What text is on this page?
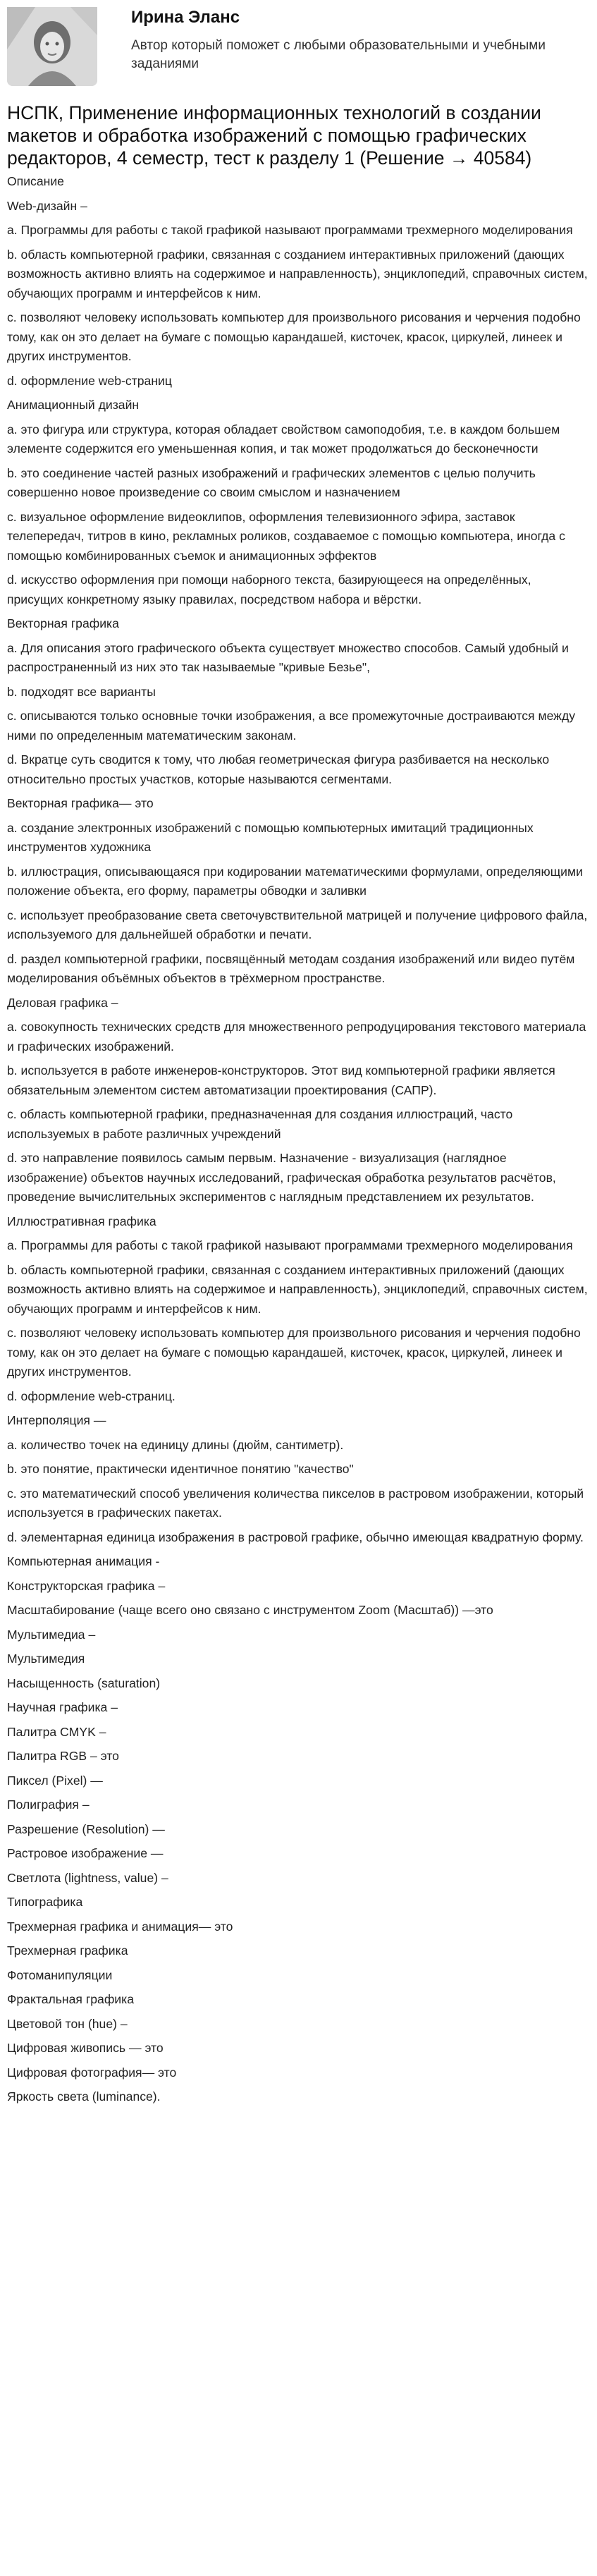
Ирина Эланс
Автор который поможет с любыми образовательными и учебными заданиями
НСПК, Применение информационных технологий в создании макетов и обработка изображений с помощью графических редакторов, 4 семестр, тест к разделу 1 (Решение → 40584)

Описание

Web-дизайн –

a. Программы для работы с такой графикой называют программами трехмерного моделирования

b. область компьютерной графики, связанная с созданием интерактивных приложений (дающих возможность активно влиять на содержимое и направленность), энциклопедий, справочных систем, обучающих программ и интерфейсов к ним.

c. позволяют человеку использовать компьютер для произвольного рисования и черчения подобно тому, как он это делает на бумаге с помощью карандашей, кисточек, красок, циркулей, линеек и других инструментов.

d. оформление web-страниц

Анимационный дизайн

a. это фигура или структура, которая обладает свойством самоподобия, т.е. в каждом большем элементе содержится его уменьшенная копия, и так может продолжаться до бесконечности

b. это соединение частей разных изображений и графических элементов с целью получить совершенно новое произведение со своим смыслом и назначением

c. визуальное оформление видеоклипов, оформления телевизионного эфира, заставок телепередач, титров в кино, рекламных роликов, создаваемое с помощью компьютера, иногда с помощью комбинированных съемок и анимационных эффектов

d. искусство оформления при помощи наборного текста, базирующееся на определённых, присущих конкретному языку правилах, посредством набора и вёрстки.

Векторная графика

a. Для описания этого графического объекта существует множество способов. Самый удобный и распространенный из них это так называемые "кривые Безье",

b. подходят все варианты

c. описываются только основные точки изображения, а все промежуточные достраиваются между ними по определенным математическим законам.

d. Вкратце суть сводится к тому, что любая геометрическая фигура разбивается на несколько относительно простых участков, которые называются сегментами.

Векторная графика— это

a. создание электронных изображений с помощью компьютерных имитаций традиционных инструментов художника

b. иллюстрация, описывающаяся при кодировании математическими формулами, определяющими положение объекта, его форму, параметры обводки и заливки

c. использует преобразование света светочувствительной матрицей и получение цифрового файла, используемого для дальнейшей обработки и печати.

d. раздел компьютерной графики, посвящённый методам создания изображений или видео путём моделирования объёмных объектов в трёхмерном пространстве.

Деловая графика –

a. совокупность технических средств для множественного репродуцирования текстового материала и графических изображений.

b. используется в работе инженеров-конструкторов. Этот вид компьютерной графики является обязательным элементом систем автоматизации проектирования (САПР).

c. область компьютерной графики, предназначенная для создания иллюстраций, часто используемых в работе различных учреждений

d. это направление появилось самым первым. Назначение - визуализация (наглядное изображение) объектов научных исследований, графическая обработка результатов расчётов, проведение вычислительных экспериментов с наглядным представлением их результатов.

Иллюстративная графика

a. Программы для работы с такой графикой называют программами трехмерного моделирования

b. область компьютерной графики, связанная с созданием интерактивных приложений (дающих возможность активно влиять на содержимое и направленность), энциклопедий, справочных систем, обучающих программ и интерфейсов к ним.

c. позволяют человеку использовать компьютер для произвольного рисования и черчения подобно тому, как он это делает на бумаге с помощью карандашей, кисточек, красок, циркулей, линеек и других инструментов.

d. оформление web-страниц.

Интерполяция —

a. количество точек на единицу длины (дюйм, сантиметр).

b. это понятие, практически идентичное понятию "качество"

c. это математический способ увеличения количества пикселов в растровом изображении, который используется в графических пакетах.

d. элементарная единица изображения в растровой графике, обычно имеющая квадратную форму.

Компьютерная анимация -

Конструкторская графика –

Масштабирование (чаще всего оно связано с инструментом Zoom (Масштаб)) —это

Мультимедиа –

Мультимедия

Насыщенность (saturation)

Научная графика –

Палитра CMYK –

Палитра RGB – это

Пиксел (Pixel) —

Полиграфия –

Разрешение (Resolution) —

Растровое изображение —

Светлота (lightness, value) –

Типографика

Трехмерная графика и анимация— это

Трехмерная графика

Фотоманипуляции

Фрактальная графика

Цветовой тон (hue) –

Цифровая живопись — это

Цифровая фотография— это

Яркость света (luminance).
